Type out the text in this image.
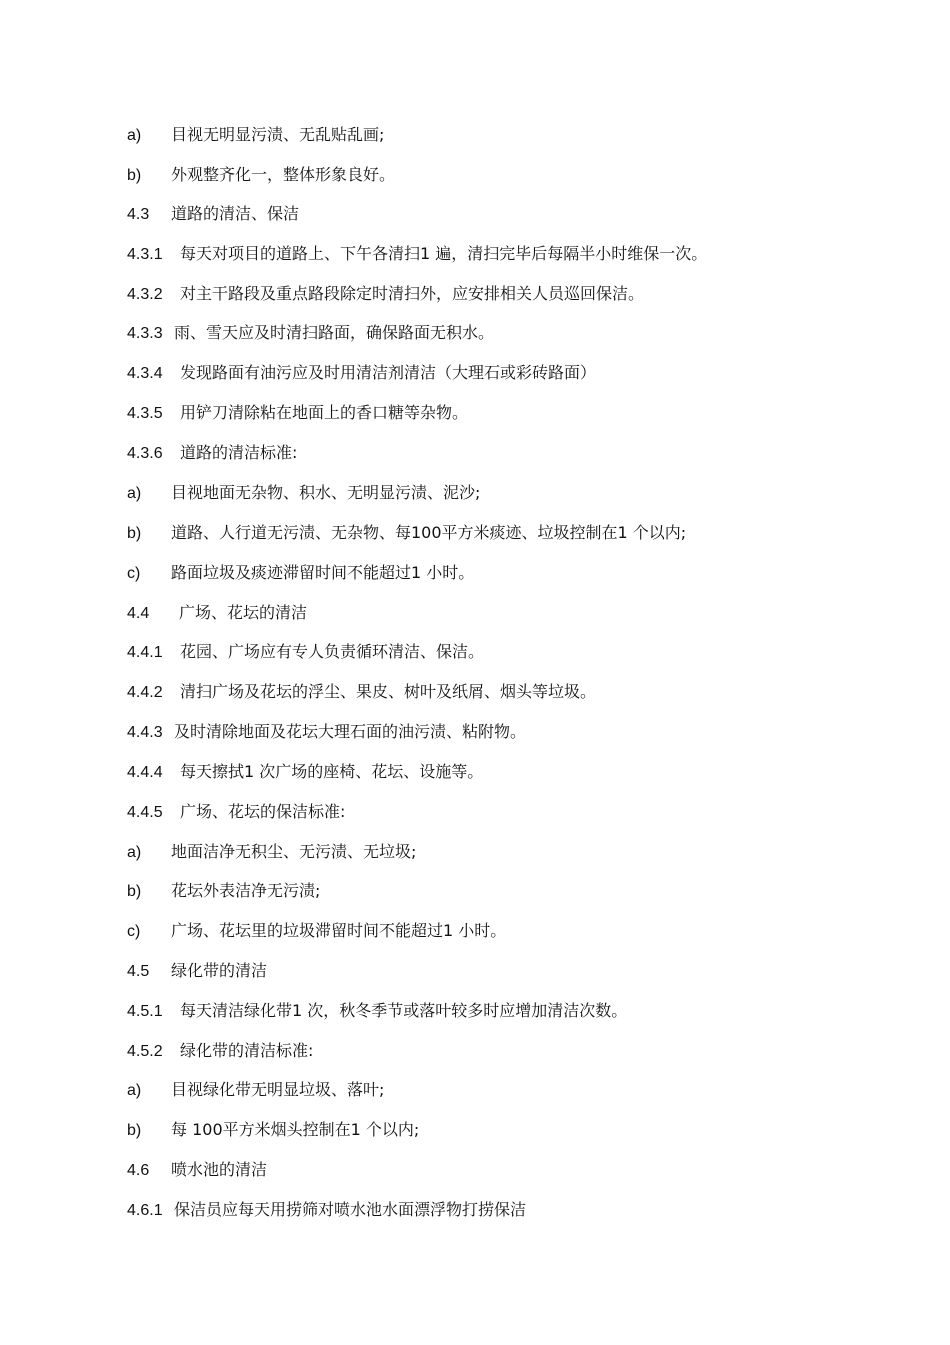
a) 目视无明显污渍、无乱贴乱画;
b) 外观整齐化一，整体形象良好。
4.3 道路的清洁、保洁
4.3.1 每天对项目的道路上、下午各清扫1 遍，清扫完毕后每隔半小时维保一次。
4.3.2 对主干路段及重点路段除定时清扫外，应安排相关人员巡回保洁。
4.3.3 雨、雪天应及时清扫路面，确保路面无积水。
4.3.4 发现路面有油污应及时用清洁剂清洁（大理石或彩砖路面）
4.3.5 用铲刀清除粘在地面上的香口糖等杂物。
4.3.6 道路的清洁标准:
a) 目视地面无杂物、积水、无明显污渍、泥沙;
b) 道路、人行道无污渍、无杂物、每100平方米痰迹、垃圾控制在1 个以内;
c) 路面垃圾及痰迹滞留时间不能超过1 小时。
4.4 广场、花坛的清洁
4.4.1 花园、广场应有专人负责循环清洁、保洁。
4.4.2 清扫广场及花坛的浮尘、果皮、树叶及纸屑、烟头等垃圾。
4.4.3 及时清除地面及花坛大理石面的油污渍、粘附物。
4.4.4 每天擦拭1 次广场的座椅、花坛、设施等。
4.4.5 广场、花坛的保洁标准:
a) 地面洁净无积尘、无污渍、无垃圾;
b) 花坛外表洁净无污渍;
c) 广场、花坛里的垃圾滞留时间不能超过1 小时。
4.5 绿化带的清洁
4.5.1 每天清洁绿化带1 次，秋冬季节或落叶较多时应增加清洁次数。
4.5.2 绿化带的清洁标准:
a) 目视绿化带无明显垃圾、落叶;
b) 每 100平方米烟头控制在1 个以内;
4.6 喷水池的清洁
4.6.1 保洁员应每天用捞筛对喷水池水面漂浮物打捞保洁
